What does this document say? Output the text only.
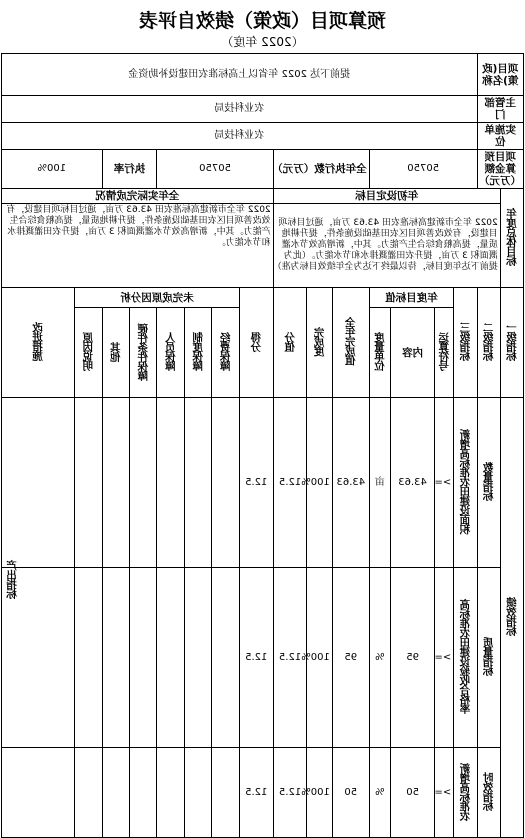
预算项目（政策）绩效自评表
（2022 年度）
项目(政策)名称		提前下达 2022 年省以上高标准农田建设补助资金														
主管部门		农业科技局														
实施单位		农业科技局														
项目预算金额（万元）		50750				全年执行数（万元）			50750				执行率		100%	
年度总体目标	年初设定目标								全年实际完成情况							
	2022 年全市新建高标准农田 43.63 万亩，通过目标项目建设，有效改善项目区农田基础设施条件，提升耕地质量，提高粮食综合生产能力。其中，新增高效节水灌溉面积 3 万亩，提升农田灌溉排水和节水能力。（此为提前下达年度目标，待以最终下达为全年绩效目标为准）								2022 年全市新建高标准农田 43.63 万亩，通过目标项目建设，有效改善项目区农田基础设施条件，提升耕地质量，提高粮食综合生产能力。其中，新增高效节水灌溉面积 3 万亩，提升农田灌溉排水和节水能力。							
一级指标	二级指标	三级指标	年度目标值			全年完成值	完成度	分值	得分	未完成原因分析						改进措施
			运算符号	内容	度量单位					经费保障	制度保障	人员保障	硬件条件保障	其他	原因说明	
绩效指标	数量指标	新增高标准农田建设面积	>=	43.63	亩	43.63	100%	12.5	12.5							
	质量指标	高标准农田建设验收合格率	>=	95	%	95	100%	12.5	12.5							
	时效指标	新增高标准农	>=	50	%	50	100%	12.5	12.5							
产出指标
